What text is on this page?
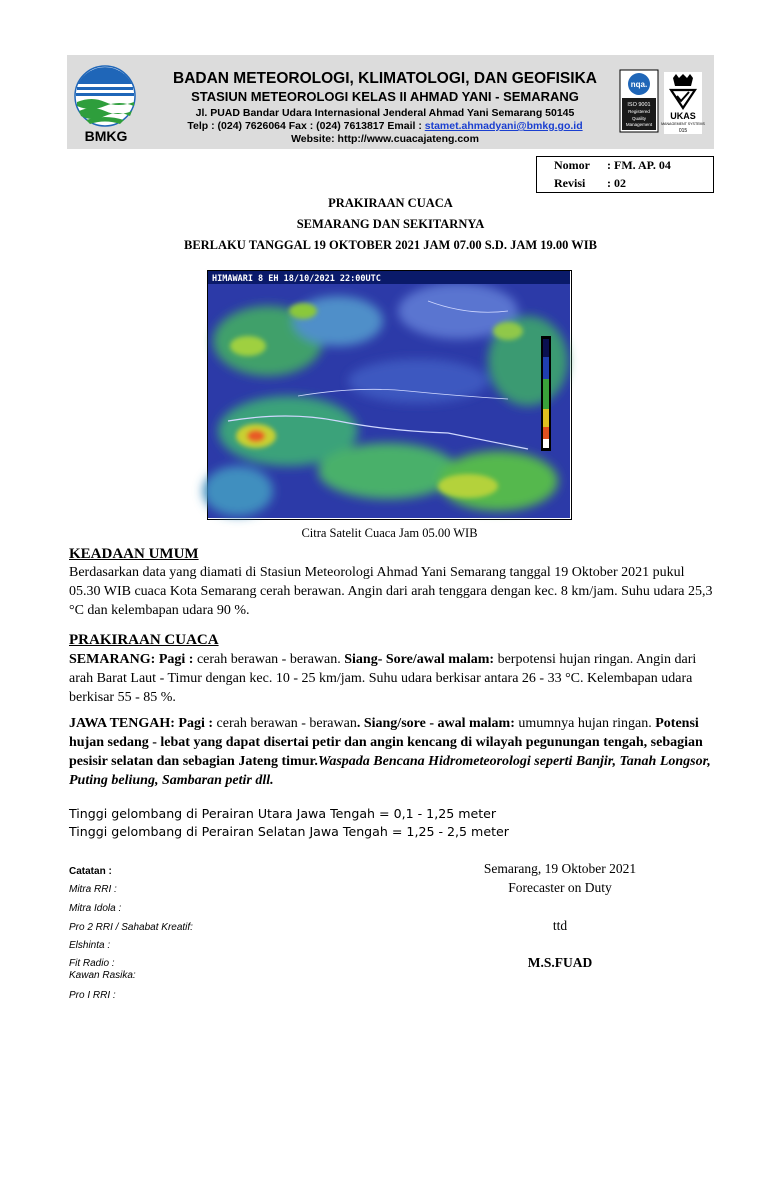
BMKG
BADAN METEOROLOGI, KLIMATOLOGI, DAN GEOFISIKA
STASIUN METEOROLOGI KELAS II AHMAD YANI - SEMARANG
Jl. PUAD Bandar Udara Internasional Jenderal Ahmad Yani Semarang 50145
Telp : (024) 7626064 Fax : (024) 7613817 Email : stamet.ahmadyani@bmkg.go.id
Website: http://www.cuacajateng.com
nqa.
ISO 9001
Registered
Quality
Management
UKAS
MANAGEMENT SYSTEMS
015
Nomor : FM. AP. 04
Revisi : 02
PRAKIRAAN CUACA
SEMARANG DAN SEKITARNYA
BERLAKU TANGGAL 19 OKTOBER 2021 JAM 07.00 S.D. JAM 19.00 WIB
HIMAWARI 8 EH 18/10/2021 22:00UTC
Citra Satelit Cuaca Jam 05.00 WIB
KEADAAN UMUM
Berdasarkan data yang diamati di Stasiun Meteorologi Ahmad Yani Semarang tanggal 19 Oktober 2021 pukul 05.30 WIB cuaca Kota Semarang cerah berawan. Angin dari arah tenggara dengan kec. 8 km/jam. Suhu udara 25,3 °C dan kelembapan udara 90 %.
PRAKIRAAN CUACA
SEMARANG: Pagi : cerah berawan - berawan. Siang- Sore/awal malam: berpotensi hujan ringan. Angin dari arah Barat Laut - Timur dengan kec. 10 - 25 km/jam. Suhu udara berkisar antara 26 - 33 °C. Kelembapan udara berkisar 55 - 85 %.
JAWA TENGAH: Pagi : cerah berawan - berawan. Siang/sore - awal malam: umumnya hujan ringan. Potensi hujan sedang - lebat yang dapat disertai petir dan angin kencang di wilayah pegunungan tengah, sebagian pesisir selatan dan sebagian Jateng timur.Waspada Bencana Hidrometeorologi seperti Banjir, Tanah Longsor, Puting beliung, Sambaran petir dll.
Tinggi gelombang di Perairan Utara Jawa Tengah = 0,1 - 1,25 meter
Tinggi gelombang di Perairan Selatan Jawa Tengah = 1,25 - 2,5 meter
Catatan :
Mitra RRI :
Mitra Idola :
Pro 2 RRI / Sahabat Kreatif:
Elshinta :
Fit Radio :
Kawan Rasika:
Pro I RRI :
Semarang, 19 Oktober 2021
Forecaster on Duty
ttd
M.S.FUAD
